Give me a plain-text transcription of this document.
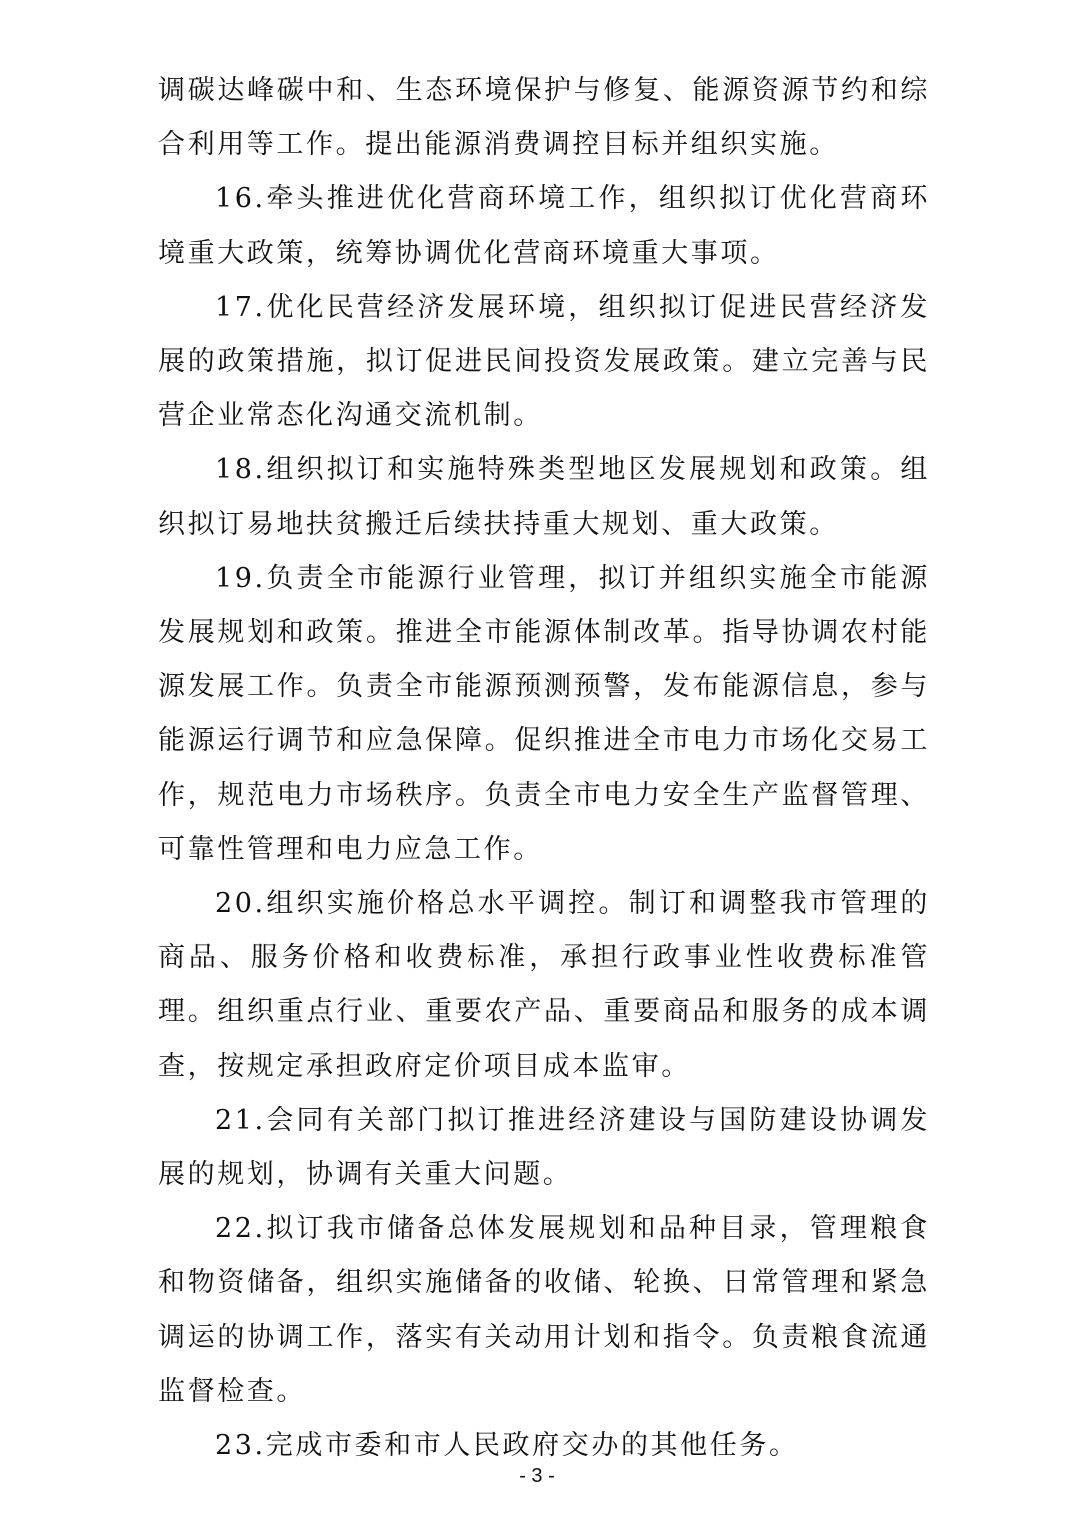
调碳达峰碳中和、生态环境保护与修复、能源资源节约和综合利用等工作。提出能源消费调控目标并组织实施。

16.牵头推进优化营商环境工作，组织拟订优化营商环境重大政策，统筹协调优化营商环境重大事项。

17.优化民营经济发展环境，组织拟订促进民营经济发展的政策措施，拟订促进民间投资发展政策。建立完善与民营企业常态化沟通交流机制。

18.组织拟订和实施特殊类型地区发展规划和政策。组织拟订易地扶贫搬迁后续扶持重大规划、重大政策。

19.负责全市能源行业管理，拟订并组织实施全市能源发展规划和政策。推进全市能源体制改革。指导协调农村能源发展工作。负责全市能源预测预警，发布能源信息，参与能源运行调节和应急保障。促织推进全市电力市场化交易工作，规范电力市场秩序。负责全市电力安全生产监督管理、可靠性管理和电力应急工作。

20.组织实施价格总水平调控。制订和调整我市管理的商品、服务价格和收费标准，承担行政事业性收费标准管理。组织重点行业、重要农产品、重要商品和服务的成本调查，按规定承担政府定价项目成本监审。

21.会同有关部门拟订推进经济建设与国防建设协调发展的规划，协调有关重大问题。

22.拟订我市储备总体发展规划和品种目录，管理粮食和物资储备，组织实施储备的收储、轮换、日常管理和紧急调运的协调工作，落实有关动用计划和指令。负责粮食流通监督检查。

23.完成市委和市人民政府交办的其他任务。

- 3 -
